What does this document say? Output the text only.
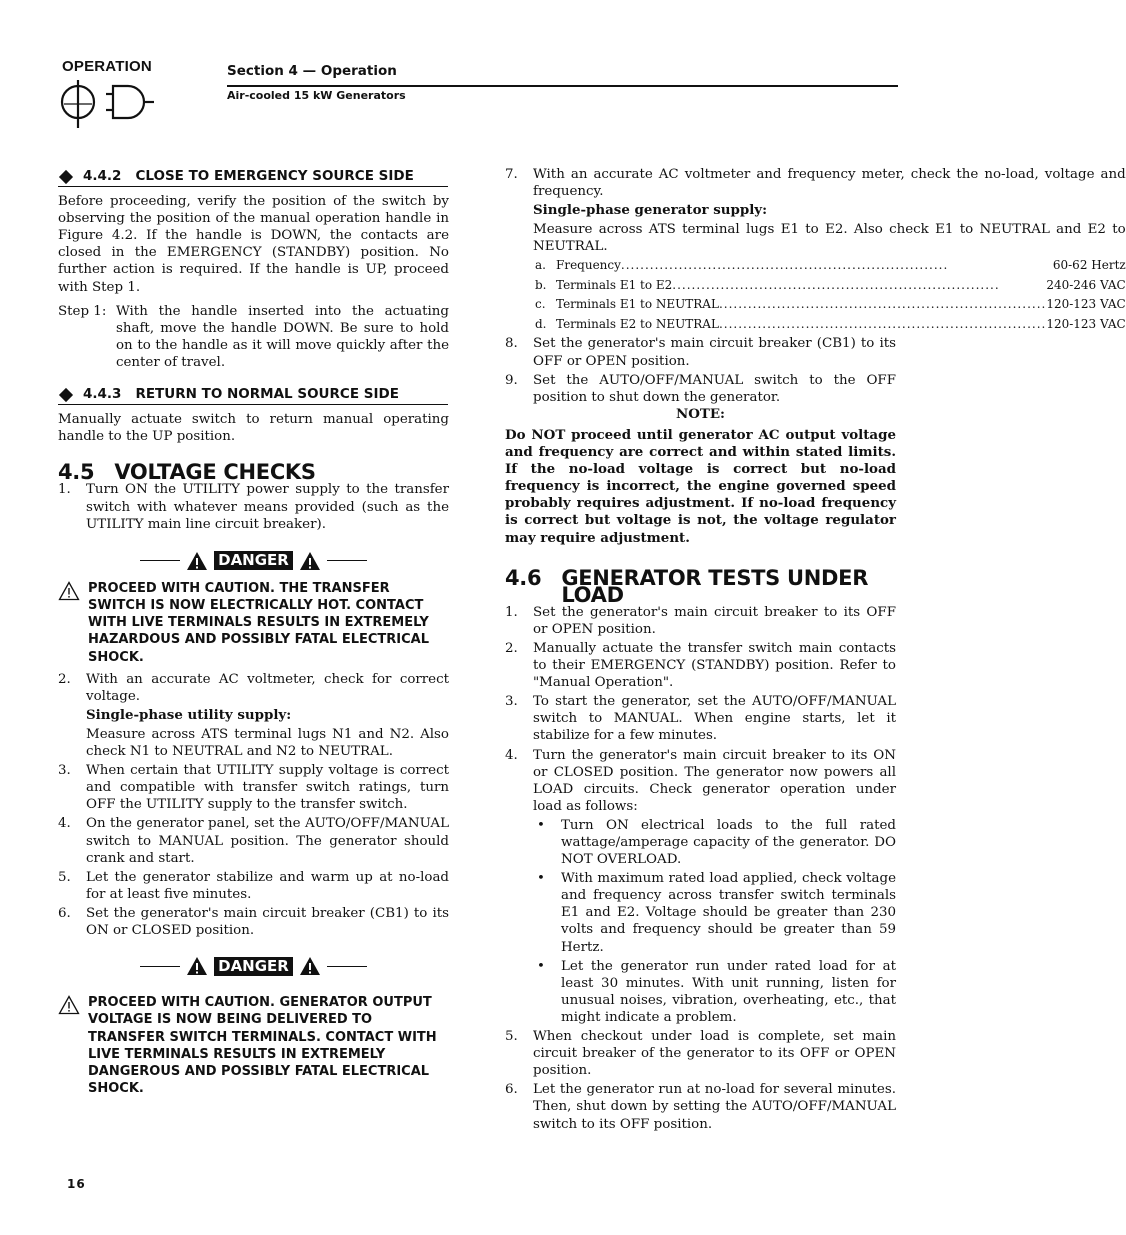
OPERATION	Section 4 — Operation
Air-cooled 15 kW Generators
4.4.2 CLOSE TO EMERGENCY SOURCE SIDE

Before proceeding, verify the position of the switch by observing the position of the manual operation handle in Figure 4.2. If the handle is DOWN, the contacts are closed in the EMERGENCY (STANDBY) position. No further action is required. If the handle is UP, proceed with Step 1.

Step 1: With the handle inserted into the actuating shaft, move the handle DOWN. Be sure to hold on to the handle as it will move quickly after the center of travel.
4.4.3 RETURN TO NORMAL SOURCE SIDE

Manually actuate switch to return manual operating handle to the UP position.

4.5 VOLTAGE CHECKS
1.	Turn ON the UTILITY power supply to the transfer switch with whatever means provided (such as the UTILITY main line circuit breaker).
DANGER
PROCEED WITH CAUTION. THE TRANSFER SWITCH IS NOW ELECTRICALLY HOT. CONTACT WITH LIVE TERMINALS RESULTS IN EXTREMELY HAZARDOUS AND POSSIBLY FATAL ELECTRICAL SHOCK.
2.	With an accurate AC voltmeter, check for correct voltage.
Single-phase utility supply:
Measure across ATS terminal lugs N1 and N2. Also check N1 to NEUTRAL and N2 to NEUTRAL.
3.	When certain that UTILITY supply voltage is correct and compatible with transfer switch ratings, turn OFF the UTILITY supply to the transfer switch.
4.	On the generator panel, set the AUTO/OFF/MANUAL switch to MANUAL position. The generator should crank and start.
5.	Let the generator stabilize and warm up at no-load for at least five minutes.
6.	Set the generator's main circuit breaker (CB1) to its ON or CLOSED position.
DANGER
PROCEED WITH CAUTION. GENERATOR OUTPUT VOLTAGE IS NOW BEING DELIVERED TO TRANSFER SWITCH TERMINALS. CONTACT WITH LIVE TERMINALS RESULTS IN EXTREMELY DANGEROUS AND POSSIBLY FATAL ELECTRICAL SHOCK.
7.	With an accurate AC voltmeter and frequency meter, check the no-load, voltage and frequency.
Single-phase generator supply:
Measure across ATS terminal lugs E1 to E2. Also check E1 to NEUTRAL and E2 to NEUTRAL.
a. Frequency .....	60-62 Hertz
b. Terminals E1 to E2 .....	240-246 VAC
c. Terminals E1 to NEUTRAL .....	120-123 VAC
d. Terminals E2 to NEUTRAL .....	120-123 VAC
8.	Set the generator's main circuit breaker (CB1) to its OFF or OPEN position.
9.	Set the AUTO/OFF/MANUAL switch to the OFF position to shut down the generator.

NOTE:

Do NOT proceed until generator AC output voltage and frequency are correct and within stated limits. If the no-load voltage is correct but no-load frequency is incorrect, the engine governed speed probably requires adjustment. If no-load frequency is correct but voltage is not, the voltage regulator may require adjustment.

4.6 GENERATOR TESTS UNDER LOAD
1.	Set the generator's main circuit breaker to its OFF or OPEN position.
2.	Manually actuate the transfer switch main contacts to their EMERGENCY (STANDBY) position. Refer to "Manual Operation".
3.	To start the generator, set the AUTO/OFF/MANUAL switch to MANUAL. When engine starts, let it stabilize for a few minutes.
4.	Turn the generator's main circuit breaker to its ON or CLOSED position. The generator now powers all LOAD circuits. Check generator operation under load as follows:
•	Turn ON electrical loads to the full rated wattage/amperage capacity of the generator. DO NOT OVERLOAD.
•	With maximum rated load applied, check voltage and frequency across transfer switch terminals E1 and E2. Voltage should be greater than 230 volts and frequency should be greater than 59 Hertz.
•	Let the generator run under rated load for at least 30 minutes. With unit running, listen for unusual noises, vibration, overheating, etc., that might indicate a problem.
5.	When checkout under load is complete, set main circuit breaker of the generator to its OFF or OPEN position.
6.	Let the generator run at no-load for several minutes. Then, shut down by setting the AUTO/OFF/MANUAL switch to its OFF position.
16
